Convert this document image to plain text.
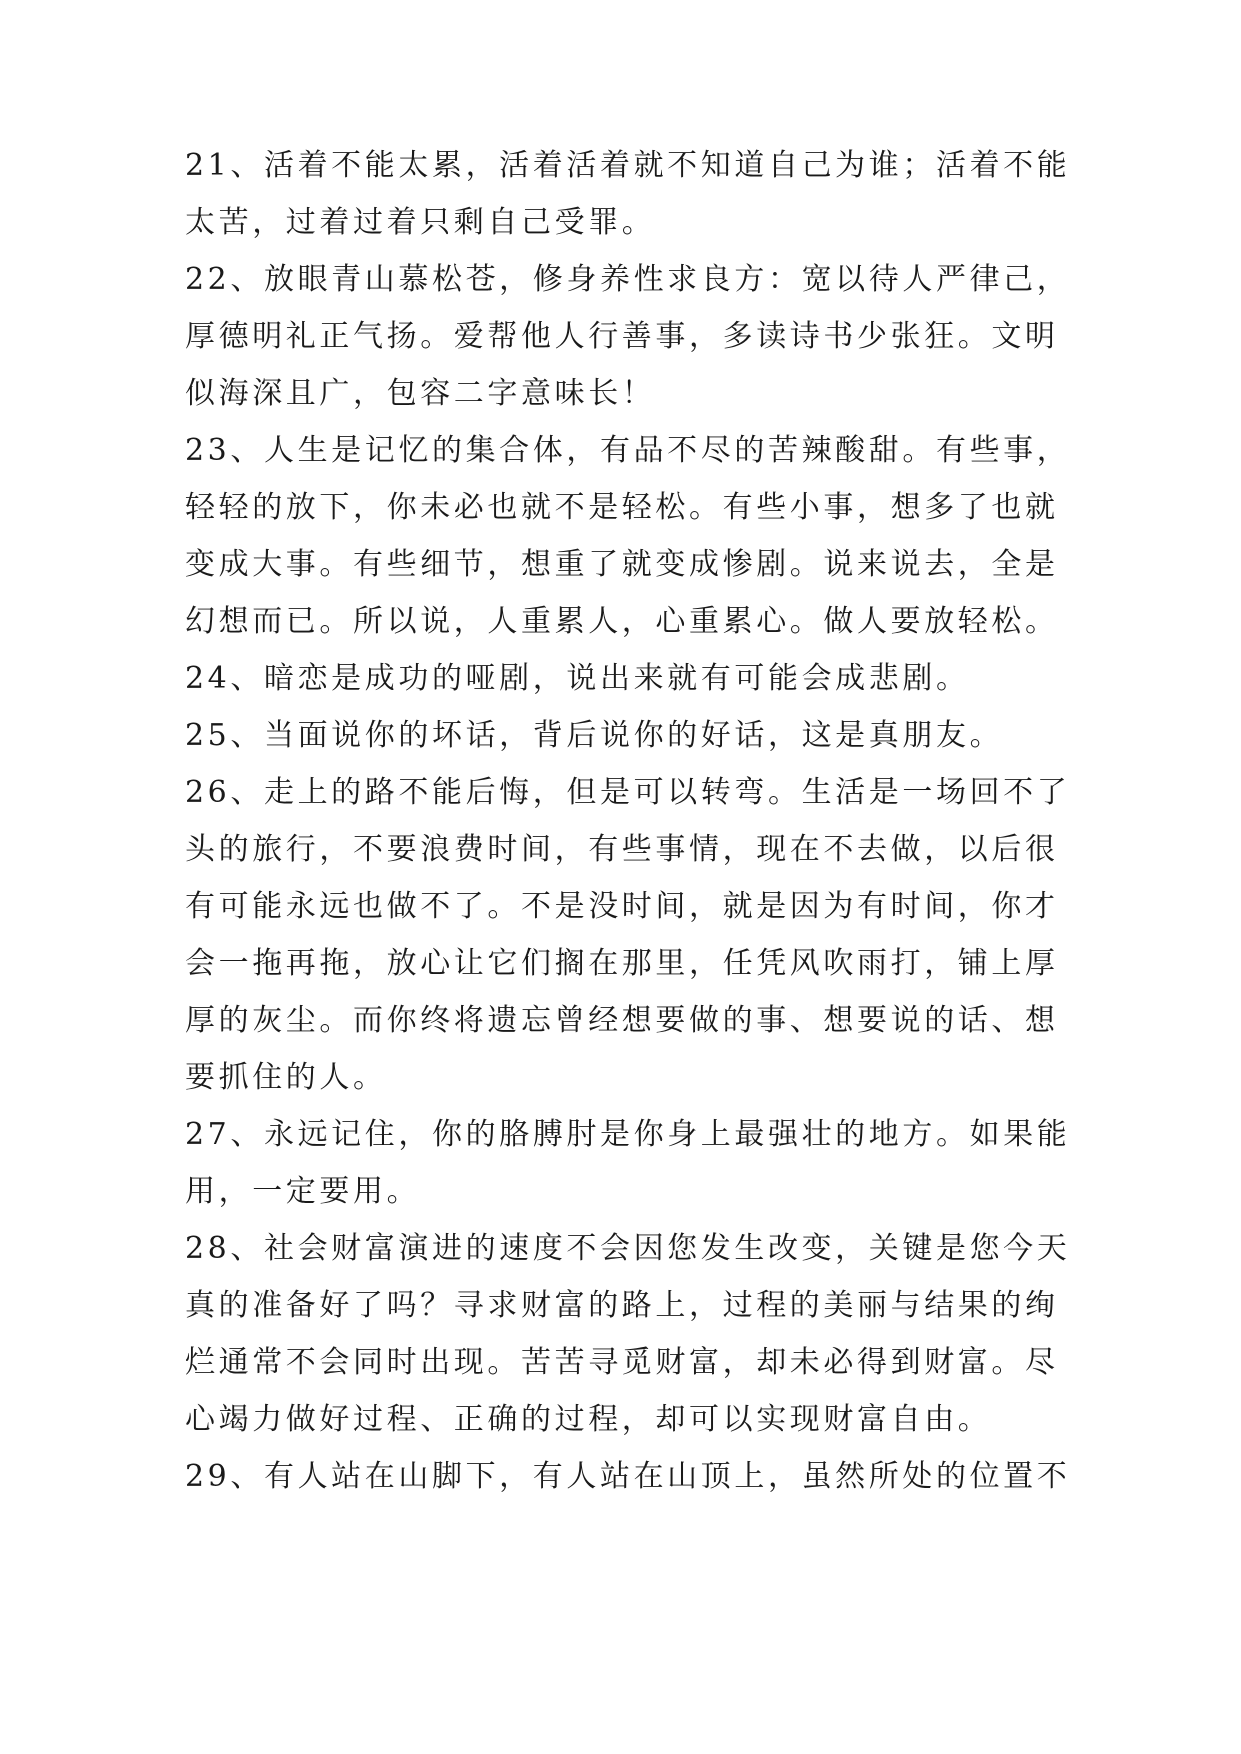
21、活着不能太累，活着活着就不知道自己为谁；活着不能
太苦，过着过着只剩自己受罪。
22、放眼青山慕松苍，修身养性求良方：宽以待人严律己，
厚德明礼正气扬。爱帮他人行善事，多读诗书少张狂。文明
似海深且广，包容二字意味长！
23、人生是记忆的集合体，有品不尽的苦辣酸甜。有些事，
轻轻的放下，你未必也就不是轻松。有些小事，想多了也就
变成大事。有些细节，想重了就变成惨剧。说来说去，全是
幻想而已。所以说，人重累人，心重累心。做人要放轻松。
24、暗恋是成功的哑剧，说出来就有可能会成悲剧。
25、当面说你的坏话，背后说你的好话，这是真朋友。
26、走上的路不能后悔，但是可以转弯。生活是一场回不了
头的旅行，不要浪费时间，有些事情，现在不去做，以后很
有可能永远也做不了。不是没时间，就是因为有时间，你才
会一拖再拖，放心让它们搁在那里，任凭风吹雨打，铺上厚
厚的灰尘。而你终将遗忘曾经想要做的事、想要说的话、想
要抓住的人。
27、永远记住，你的胳膊肘是你身上最强壮的地方。如果能
用，一定要用。
28、社会财富演进的速度不会因您发生改变，关键是您今天
真的准备好了吗？寻求财富的路上，过程的美丽与结果的绚
烂通常不会同时出现。苦苦寻觅财富，却未必得到财富。尽
心竭力做好过程、正确的过程，却可以实现财富自由。
29、有人站在山脚下，有人站在山顶上，虽然所处的位置不
